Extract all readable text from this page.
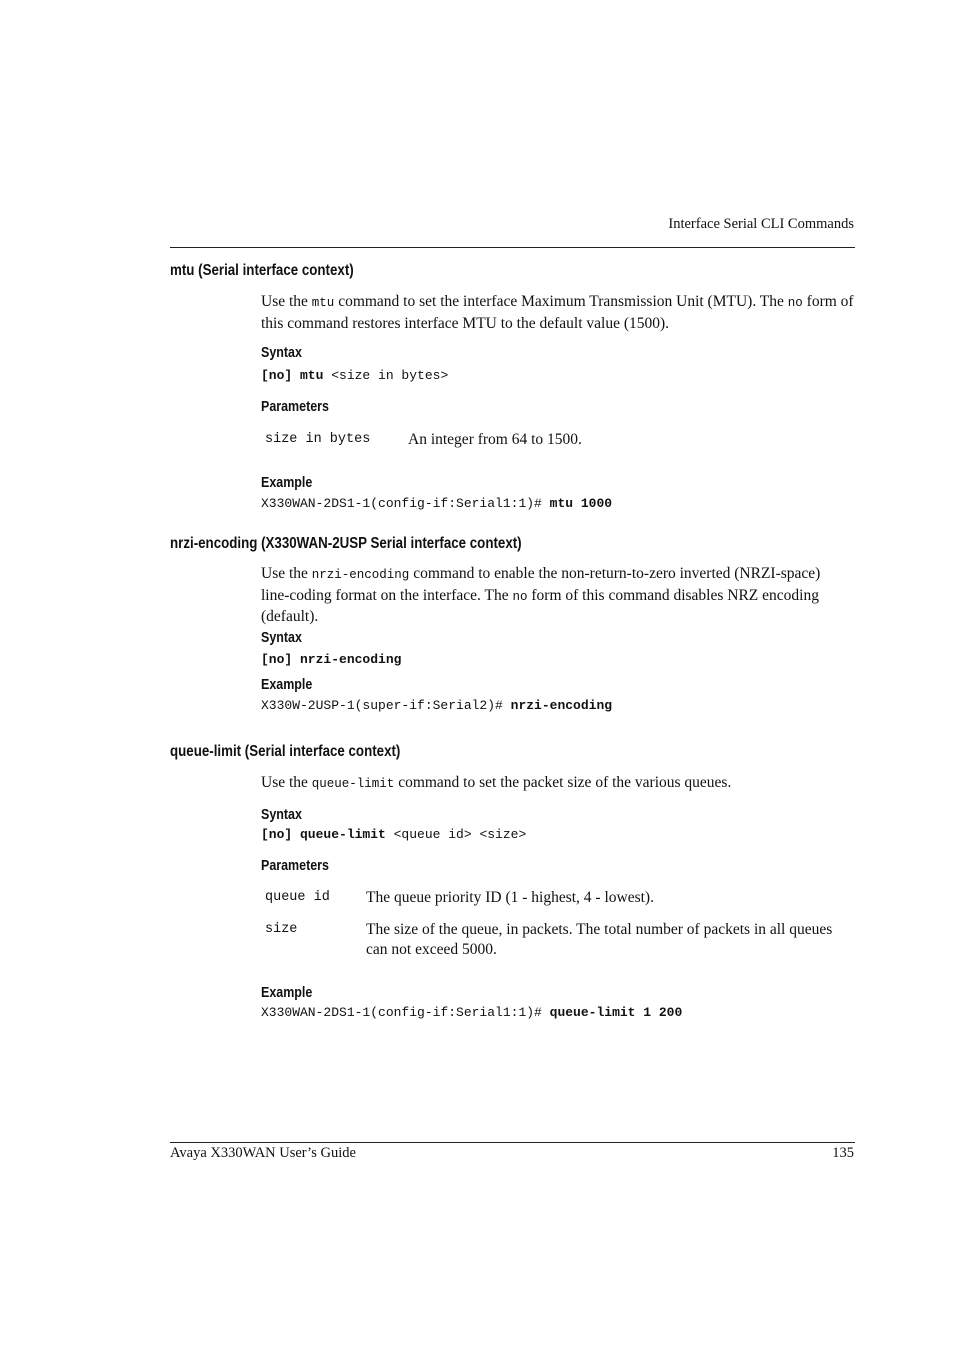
Interface Serial CLI Commands
mtu (Serial interface context)
Use the mtu command to set the interface Maximum Transmission Unit (MTU). The no form of this command restores interface MTU to the default value (1500).
Syntax
[no] mtu <size in bytes>
Parameters
size in bytes An integer from 64 to 1500.
Example
X330WAN-2DS1-1(config-if:Serial1:1)# mtu 1000
nrzi-encoding (X330WAN-2USP Serial interface context)
Use the nrzi-encoding command to enable the non-return-to-zero inverted (NRZI-space) line-coding format on the interface. The no form of this command disables NRZ encoding (default).
Syntax
[no] nrzi-encoding
Example
X330W-2USP-1(super-if:Serial2)# nrzi-encoding
queue-limit (Serial interface context)
Use the queue-limit command to set the packet size of the various queues.
Syntax
[no] queue-limit <queue id> <size>
Parameters
queue id The queue priority ID (1 - highest, 4 - lowest).
size	The size of the queue, in packets. The total number of packets in all queues can not exceed 5000.
Example
X330WAN-2DS1-1(config-if:Serial1:1)# queue-limit 1 200
Avaya X330WAN User’s Guide	135
